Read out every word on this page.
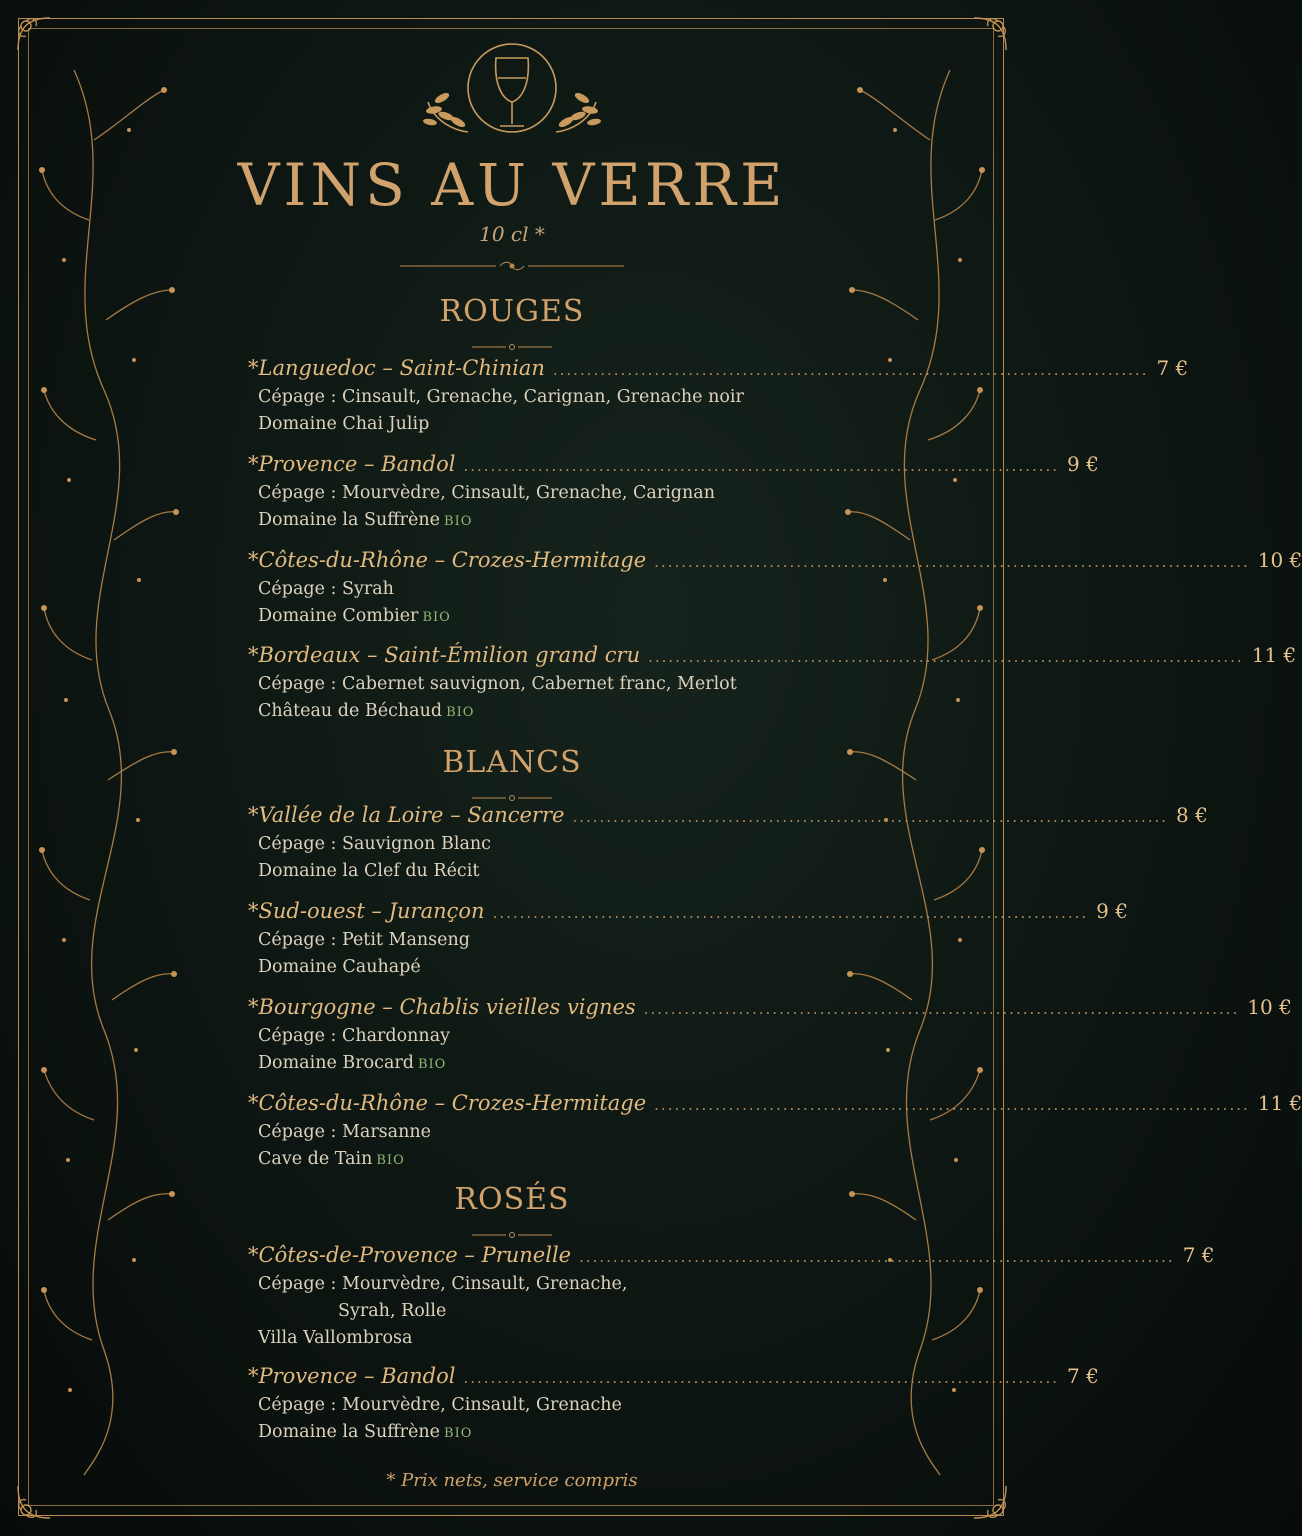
VINS AU VERRE
10 cl *
ROUGES
*Languedoc – Saint-Chinian ........................................................................................ 7 €
Cépage : Cinsault, Grenache, Carignan, Grenache noir
Domaine Chai Julip
*Provence – Bandol ........................................................................................ 9 €
Cépage : Mourvèdre, Cinsault, Grenache, Carignan
Domaine la Suffrène BIO
*Côtes-du-Rhône – Crozes-Hermitage ........................................................................................ 10 €
Cépage : Syrah
Domaine Combier BIO
*Bordeaux – Saint-Émilion grand cru ........................................................................................ 11 €
Cépage : Cabernet sauvignon, Cabernet franc, Merlot
Château de Béchaud BIO
BLANCS
*Vallée de la Loire – Sancerre ........................................................................................ 8 €
Cépage : Sauvignon Blanc
Domaine la Clef du Récit
*Sud-ouest – Jurançon ........................................................................................ 9 €
Cépage : Petit Manseng
Domaine Cauhapé
*Bourgogne – Chablis vieilles vignes ........................................................................................ 10 €
Cépage : Chardonnay
Domaine Brocard BIO
*Côtes-du-Rhône – Crozes-Hermitage ........................................................................................ 11 €
Cépage : Marsanne
Cave de Tain BIO
ROSÉS
*Côtes-de-Provence – Prunelle ........................................................................................ 7 €
Cépage : Mourvèdre, Cinsault, Grenache,
Syrah, Rolle
Villa Vallombrosa
*Provence – Bandol ........................................................................................ 7 €
Cépage : Mourvèdre, Cinsault, Grenache
Domaine la Suffrène BIO
* Prix nets, service compris
